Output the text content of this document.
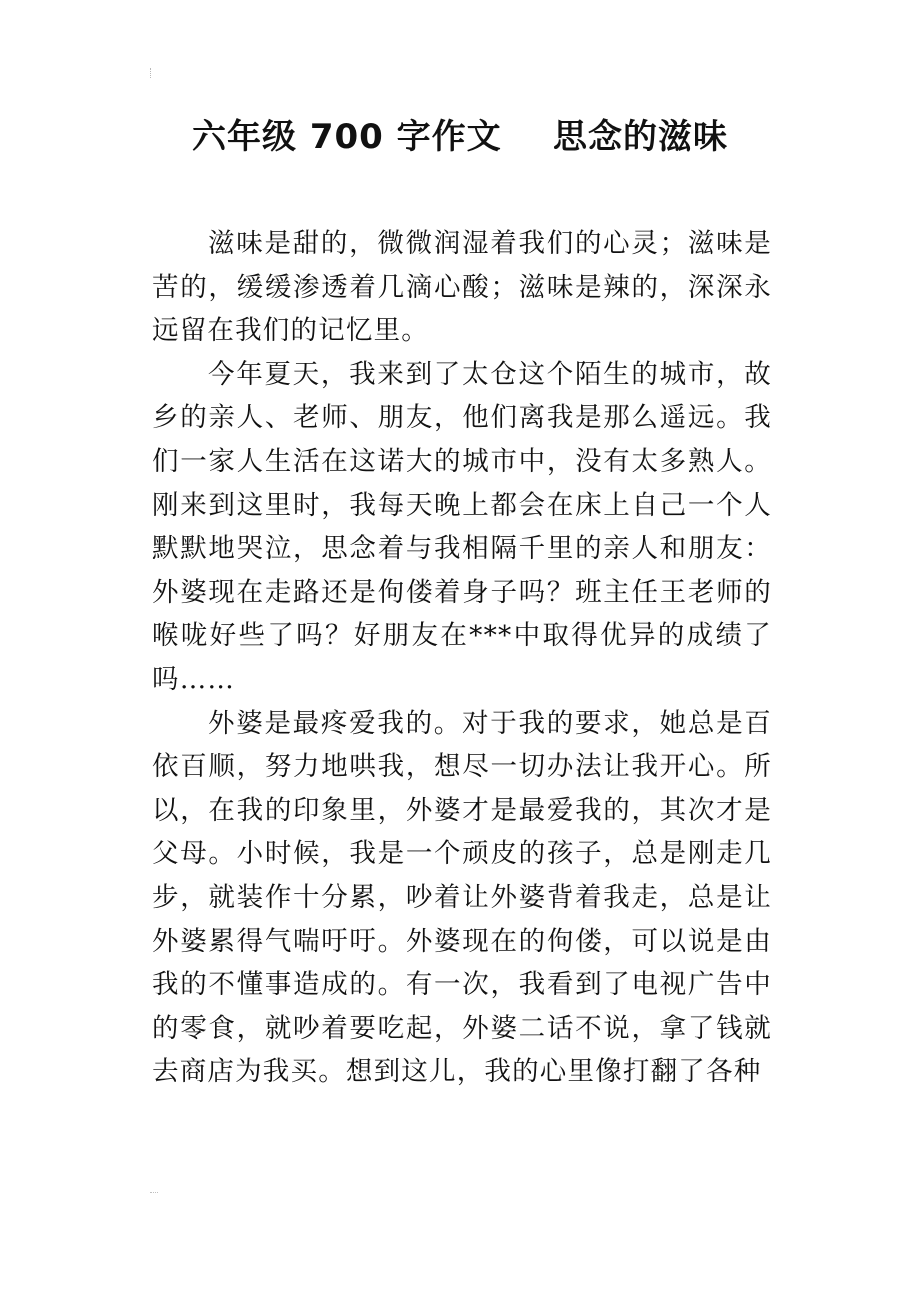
六年级 700 字作文    思念的滋味

滋味是甜的，微微润湿着我们的心灵；滋味是苦的，缓缓渗透着几滴心酸；滋味是辣的，深深永远留在我们的记忆里。

今年夏天，我来到了太仓这个陌生的城市，故乡的亲人、老师、朋友，他们离我是那么遥远。我们一家人生活在这诺大的城市中，没有太多熟人。刚来到这里时，我每天晚上都会在床上自己一个人默默地哭泣，思念着与我相隔千里的亲人和朋友：外婆现在走路还是佝偻着身子吗？班主任王老师的喉咙好些了吗？好朋友在***中取得优异的成绩了吗……

外婆是最疼爱我的。对于我的要求，她总是百依百顺，努力地哄我，想尽一切办法让我开心。所以，在我的印象里，外婆才是最爱我的，其次才是父母。小时候，我是一个顽皮的孩子，总是刚走几步，就装作十分累，吵着让外婆背着我走，总是让外婆累得气喘吁吁。外婆现在的佝偻，可以说是由我的不懂事造成的。有一次，我看到了电视广告中的零食，就吵着要吃起，外婆二话不说，拿了钱就去商店为我买。想到这儿，我的心里像打翻了各种
